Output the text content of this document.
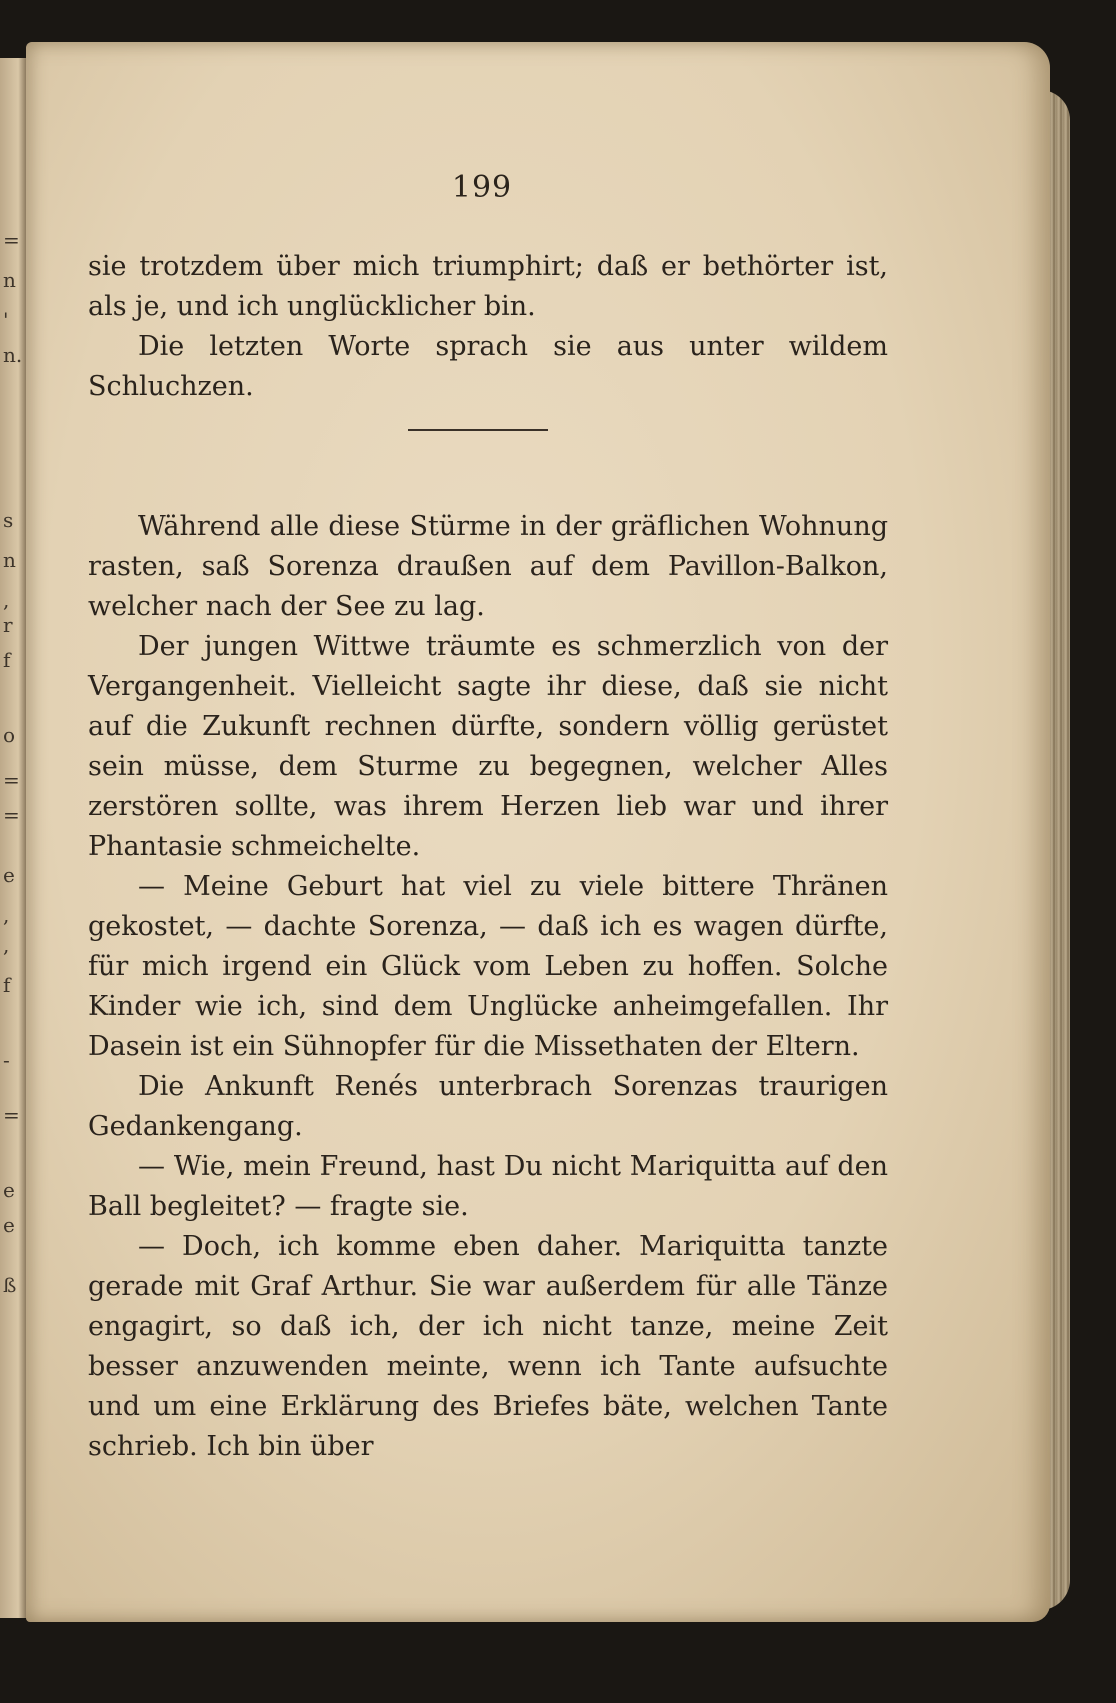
=
n
'
n.
s
n
,
r
f
o
=
=
e
,
,
f
-
=
e
e
ß
199

sie trotzdem über mich triumphirt; daß er bethörter ist, als je, und ich unglücklicher bin.

Die letzten Worte sprach sie aus unter wildem Schluchzen.

Während alle diese Stürme in der gräflichen Wohnung rasten, saß Sorenza draußen auf dem Pavillon-Balkon, welcher nach der See zu lag.

Der jungen Wittwe träumte es schmerzlich von der Vergangenheit. Vielleicht sagte ihr diese, daß sie nicht auf die Zukunft rechnen dürfte, sondern völlig gerüstet sein müsse, dem Sturme zu begegnen, welcher Alles zerstören sollte, was ihrem Herzen lieb war und ihrer Phantasie schmeichelte.

— Meine Geburt hat viel zu viele bittere Thränen gekostet, — dachte Sorenza, — daß ich es wagen dürfte, für mich irgend ein Glück vom Leben zu hoffen. Solche Kinder wie ich, sind dem Unglücke anheimgefallen. Ihr Dasein ist ein Sühnopfer für die Missethaten der Eltern.

Die Ankunft Renés unterbrach Sorenzas traurigen Gedankengang.

— Wie, mein Freund, hast Du nicht Mariquitta auf den Ball begleitet? — fragte sie.

— Doch, ich komme eben daher. Mariquitta tanzte gerade mit Graf Arthur. Sie war außerdem für alle Tänze engagirt, so daß ich, der ich nicht tanze, meine Zeit besser anzuwenden meinte, wenn ich Tante aufsuchte und um eine Erklärung des Briefes bäte, welchen Tante schrieb. Ich bin über
